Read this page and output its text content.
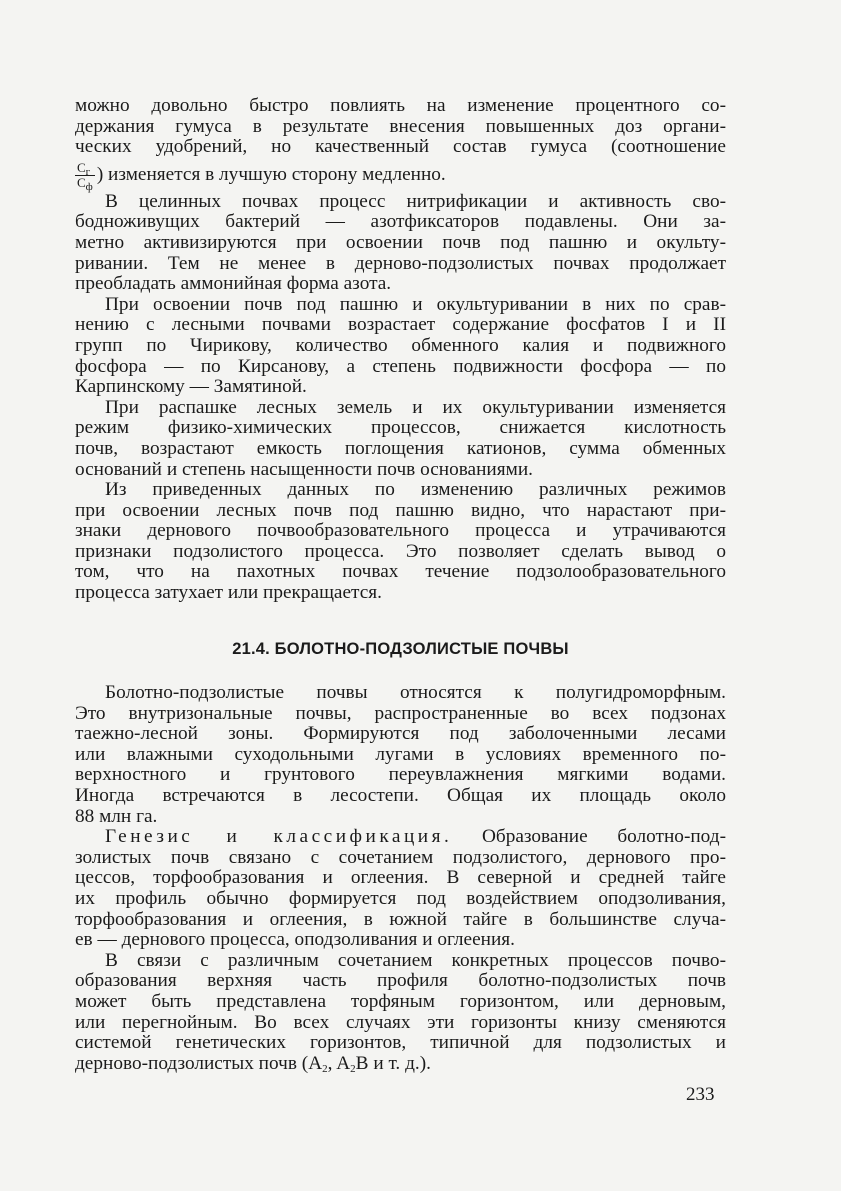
можно довольно быстро повлиять на изменение процентного со-
держания гумуса в результате внесения повышенных доз органи-
ческих удобрений, но качественный состав гумуса (соотношение
$\frac{С_г}{С_ф}$ ) изменяется в лучшую сторону медленно.
В целинных почвах процесс нитрификации и активность сво-
бодноживущих бактерий — азотфиксаторов подавлены. Они за-
метно активизируются при освоении почв под пашню и окульту-
ривании. Тем не менее в дерново-подзолистых почвах продолжает
преобладать аммонийная форма азота.
При освоении почв под пашню и окультуривании в них по срав-
нению с лесными почвами возрастает содержание фосфатов I и II
групп по Чирикову, количество обменного калия и подвижного
фосфора — по Кирсанову, а степень подвижности фосфора — по
Карпинскому — Замятиной.
При распашке лесных земель и их окультуривании изменяется
режим физико-химических процессов, снижается кислотность
почв, возрастают емкость поглощения катионов, сумма обменных
оснований и степень насыщенности почв основаниями.
Из приведенных данных по изменению различных режимов
при освоении лесных почв под пашню видно, что нарастают при-
знаки дернового почвообразовательного процесса и утрачиваются
признаки подзолистого процесса. Это позволяет сделать вывод о
том, что на пахотных почвах течение подзолообразовательного
процесса затухает или прекращается.
21.4. БОЛОТНО-ПОДЗОЛИСТЫЕ ПОЧВЫ
Болотно-подзолистые почвы относятся к полугидроморфным.
Это внутризональные почвы, распространенные во всех подзонах
таежно-лесной зоны. Формируются под заболоченными лесами
или влажными суходольными лугами в условиях временного по-
верхностного и грунтового переувлажнения мягкими водами.
Иногда встречаются в лесостепи. Общая их площадь около
88 млн га.
Генезис и классификация. Образование болотно-под-
золистых почв связано с сочетанием подзолистого, дернового про-
цессов, торфообразования и оглеения. В северной и средней тайге
их профиль обычно формируется под воздействием оподзоливания,
торфообразования и оглеения, в южной тайге в большинстве случа-
ев — дернового процесса, оподзоливания и оглеения.
В связи с различным сочетанием конкретных процессов почво-
образования верхняя часть профиля болотно-подзолистых почв
может быть представлена торфяным горизонтом, или дерновым,
или перегнойным. Во всех случаях эти горизонты книзу сменяются
системой генетических горизонтов, типичной для подзолистых и
дерново-подзолистых почв ($A_2$, $A_2B$ и т. д.).
233
